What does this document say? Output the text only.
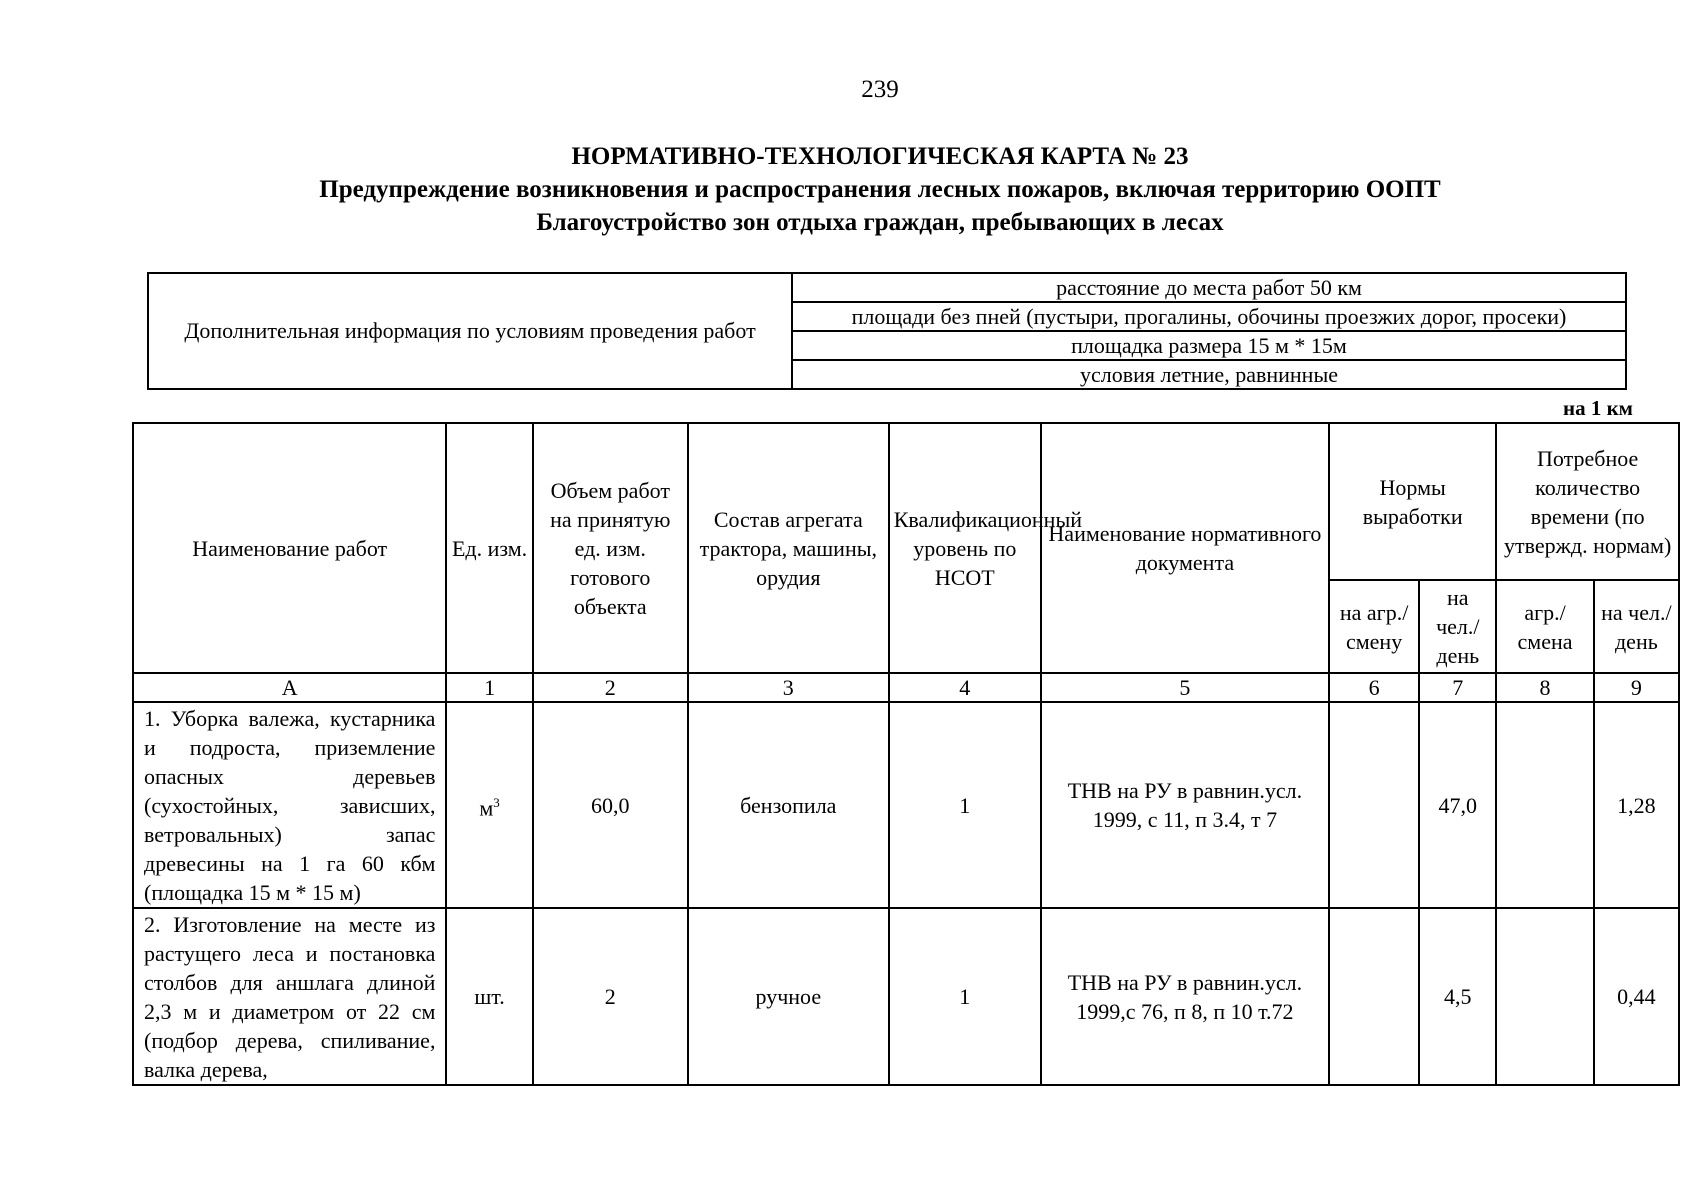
239
НОРМАТИВНО-ТЕХНОЛОГИЧЕСКАЯ КАРТА № 23
Предупреждение возникновения и распространения лесных пожаров, включая территорию ООПТ
Благоустройство зон отдыха граждан, пребывающих в лесах
Дополнительная информация по условиям проведения работ	расстояние до места работ 50 км
площади без пней (пустыри, прогалины, обочины проезжих дорог, просеки)
площадка размера 15 м * 15м
условия летние, равнинные
на 1 км
Наименование работ	Ед. изм.	Объем работ на принятую ед. изм. готового объекта	Состав агрегата трактора, машины, орудия	Квалификационный уровень по НСОТ	Наименование нормативного документа	Нормы выработки		Потребное количество времени (по утвержд. нормам)	
						на агр./ смену	на чел./ день	агр./ смена	на чел./ день
А	1	2	3	4	5	6	7	8	9
1. Уборка валежа, кустарника и подроста, приземление опасных деревьев (сухостойных, зависших, ветровальных) запас древесины на 1 га 60 кбм (площадка 15 м * 15 м)	$м^3$	60,0	бензопила	1	ТНВ на РУ в равнин.усл. 1999, с 11, п 3.4, т 7		47,0		1,28
2. Изготовление на месте из растущего леса и постановка столбов для аншлага длиной 2,3 м и диаметром от 22 см (подбор дерева, спиливание, валка дерева,	шт.	2	ручное	1	ТНВ на РУ в равнин.усл. 1999,с 76, п 8, п 10 т.72		4,5		0,44
